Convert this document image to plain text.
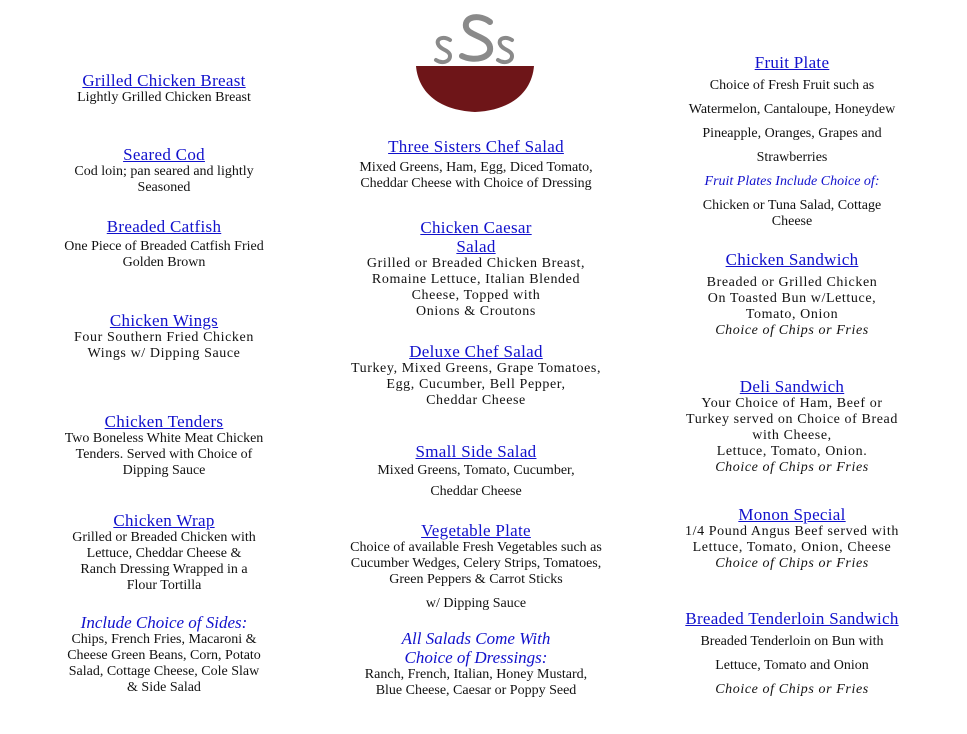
Grilled Chicken Breast
Lightly Grilled Chicken Breast
Seared Cod
Cod loin; pan seared and lightly
Seasoned
Breaded Catfish
One Piece of Breaded Catfish Fried
Golden Brown
Chicken Wings
Four Southern Fried Chicken
Wings w/ Dipping Sauce
Chicken Tenders
Two Boneless White Meat Chicken
Tenders. Served with Choice of
Dipping Sauce
Chicken Wrap
Grilled or Breaded Chicken with
Lettuce, Cheddar Cheese &
Ranch Dressing Wrapped in a
Flour Tortilla
Include Choice of Sides:
Chips, French Fries, Macaroni &
Cheese Green Beans, Corn, Potato
Salad, Cottage Cheese, Cole Slaw
& Side Salad
Three Sisters Chef Salad
Mixed Greens, Ham, Egg, Diced Tomato,
Cheddar Cheese with Choice of Dressing
Chicken Caesar
Salad
Grilled or Breaded Chicken Breast,
Romaine Lettuce, Italian Blended
Cheese, Topped with
Onions & Croutons
Deluxe Chef Salad
Turkey, Mixed Greens, Grape Tomatoes,
Egg, Cucumber, Bell Pepper,
Cheddar Cheese
Small Side Salad
Mixed Greens, Tomato, Cucumber,
Cheddar Cheese
Vegetable Plate
Choice of available Fresh Vegetables such as
Cucumber Wedges, Celery Strips, Tomatoes,
Green Peppers & Carrot Sticks
w/ Dipping Sauce
All Salads Come With
Choice of Dressings:
Ranch, French, Italian, Honey Mustard,
Blue Cheese, Caesar or Poppy Seed
Fruit Plate
Choice of Fresh Fruit such as
Watermelon, Cantaloupe, Honeydew
Pineapple, Oranges, Grapes and
Strawberries
Fruit Plates Include Choice of:
Chicken or Tuna Salad, Cottage
Cheese
Chicken Sandwich
Breaded or Grilled Chicken
On Toasted Bun w/Lettuce,
Tomato, Onion
Choice of Chips or Fries
Deli Sandwich
Your Choice of Ham, Beef or
Turkey served on Choice of Bread
with Cheese,
Lettuce, Tomato, Onion.
Choice of Chips or Fries
Monon Special
1/4 Pound Angus Beef served with
Lettuce, Tomato, Onion, Cheese
Choice of Chips or Fries
Breaded Tenderloin Sandwich
Breaded Tenderloin on Bun with
Lettuce, Tomato and Onion
Choice of Chips or Fries
